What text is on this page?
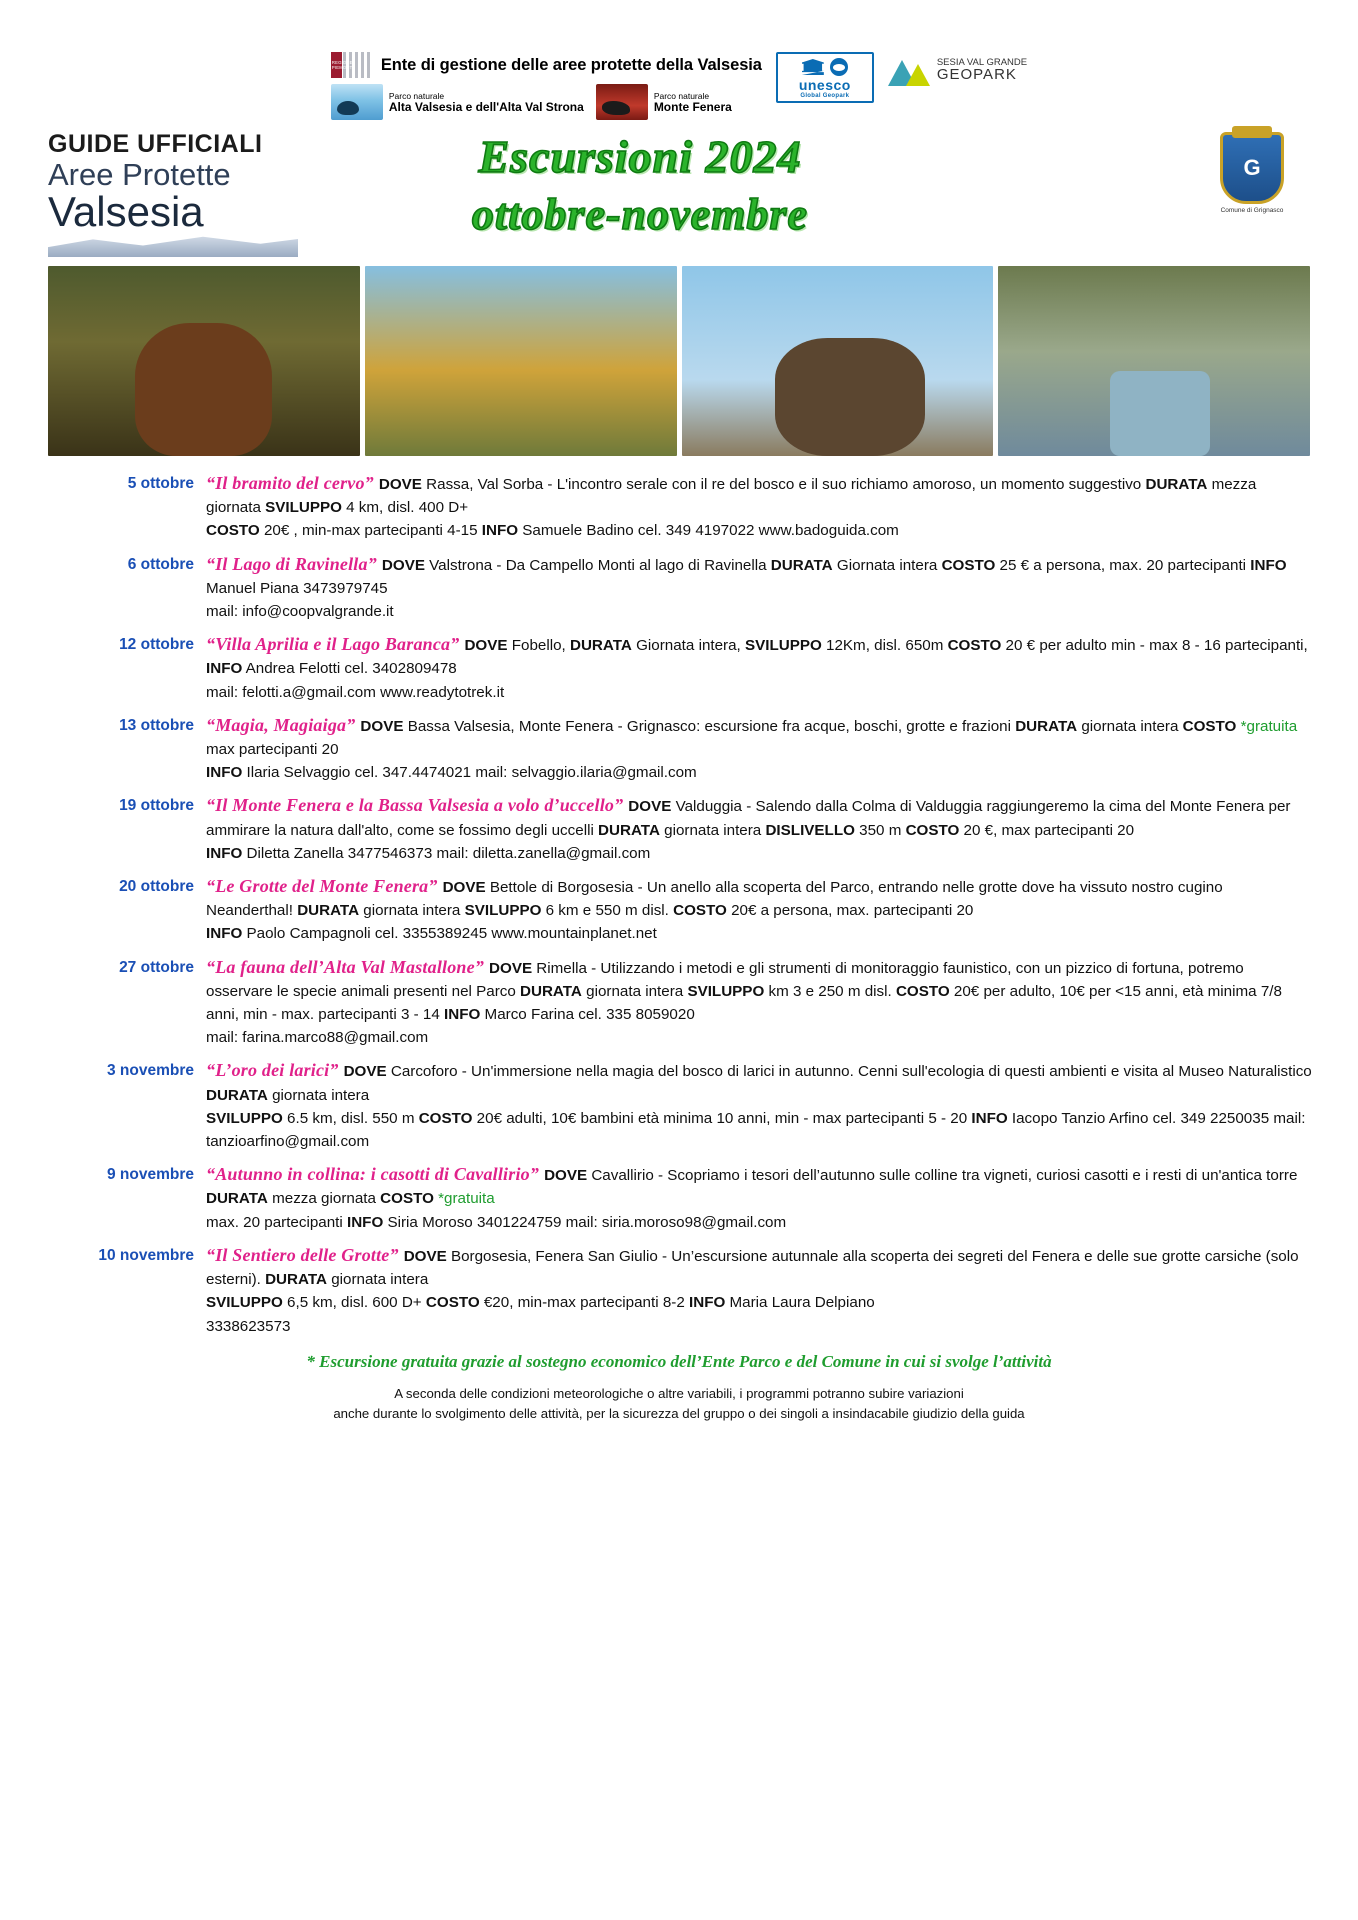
REGIONE PIEMONTE	Ente di gestione delle aree protette della Valsesia
Parco naturale
Alta Valsesia e dell'Alta Val Strona
Parco naturale
Monte Fenera
unesco
Global Geopark
SESIA VAL GRANDE
GEOPARK
GUIDE UFFICIALI
Aree Protette
Valsesia
Escursioni 2024
ottobre-novembre
G
Comune di Grignasco
5 ottobre “Il bramito del cervo” DOVE Rassa, Val Sorba - L'incontro serale con il re del bosco e il suo richiamo amoroso, un momento suggestivo DURATA mezza giornata SVILUPPO 4 km, disl. 400 D+
COSTO 20€ , min-max partecipanti 4-15 INFO Samuele Badino cel. 349 4197022 www.badoguida.com
6 ottobre “Il Lago di Ravinella” DOVE Valstrona - Da Campello Monti al lago di Ravinella DURATA Giornata intera COSTO 25 € a persona, max. 20 partecipanti INFO Manuel Piana 3473979745
mail: info@coopvalgrande.it
12 ottobre “Villa Aprilia e il Lago Baranca” DOVE Fobello, DURATA Giornata intera, SVILUPPO 12Km, disl. 650m COSTO 20 € per adulto min - max 8 - 16 partecipanti, INFO Andrea Felotti cel. 3402809478
mail: felotti.a@gmail.com www.readytotrek.it
13 ottobre “Magia, Magiaiga” DOVE Bassa Valsesia, Monte Fenera - Grignasco: escursione fra acque, boschi, grotte e frazioni DURATA giornata intera COSTO *gratuita max partecipanti 20
INFO Ilaria Selvaggio cel. 347.4474021 mail: selvaggio.ilaria@gmail.com
19 ottobre “Il Monte Fenera e la Bassa Valsesia a volo d’uccello” DOVE Valduggia - Salendo dalla Colma di Valduggia raggiungeremo la cima del Monte Fenera per ammirare la natura dall'alto, come se fossimo degli uccelli DURATA giornata intera DISLIVELLO 350 m COSTO 20 €, max partecipanti 20
INFO Diletta Zanella 3477546373 mail: diletta.zanella@gmail.com
20 ottobre “Le Grotte del Monte Fenera” DOVE Bettole di Borgosesia - Un anello alla scoperta del Parco, entrando nelle grotte dove ha vissuto nostro cugino Neanderthal! DURATA giornata intera SVILUPPO 6 km e 550 m disl. COSTO 20€ a persona, max. partecipanti 20
INFO Paolo Campagnoli cel. 3355389245 www.mountainplanet.net
27 ottobre “La fauna dell’Alta Val Mastallone” DOVE Rimella - Utilizzando i metodi e gli strumenti di monitoraggio faunistico, con un pizzico di fortuna, potremo osservare le specie animali presenti nel Parco DURATA giornata intera SVILUPPO km 3 e 250 m disl. COSTO 20€ per adulto, 10€ per <15 anni, età minima 7/8 anni, min - max. partecipanti 3 - 14 INFO Marco Farina cel. 335 8059020
mail: farina.marco88@gmail.com
3 novembre “L’oro dei larici” DOVE Carcoforo - Un'immersione nella magia del bosco di larici in autunno. Cenni sull'ecologia di questi ambienti e visita al Museo Naturalistico DURATA giornata intera
SVILUPPO 6.5 km, disl. 550 m COSTO 20€ adulti, 10€ bambini età minima 10 anni, min - max partecipanti 5 - 20 INFO Iacopo Tanzio Arfino cel. 349 2250035 mail: tanzioarfino@gmail.com
9 novembre “Autunno in collina: i casotti di Cavallirio” DOVE Cavallirio - Scopriamo i tesori dell’autunno sulle colline tra vigneti, curiosi casotti e i resti di un'antica torre DURATA mezza giornata COSTO *gratuita
max. 20 partecipanti INFO Siria Moroso 3401224759 mail: siria.moroso98@gmail.com
10 novembre “Il Sentiero delle Grotte” DOVE Borgosesia, Fenera San Giulio - Un’escursione autunnale alla scoperta dei segreti del Fenera e delle sue grotte carsiche (solo esterni). DURATA giornata intera
SVILUPPO 6,5 km, disl. 600 D+ COSTO €20, min-max partecipanti 8-2 INFO Maria Laura Delpiano
3338623573
* Escursione gratuita grazie al sostegno economico dell’Ente Parco e del Comune in cui si svolge l’attività
A seconda delle condizioni meteorologiche o altre variabili, i programmi potranno subire variazioni
anche durante lo svolgimento delle attività, per la sicurezza del gruppo o dei singoli a insindacabile giudizio della guida
